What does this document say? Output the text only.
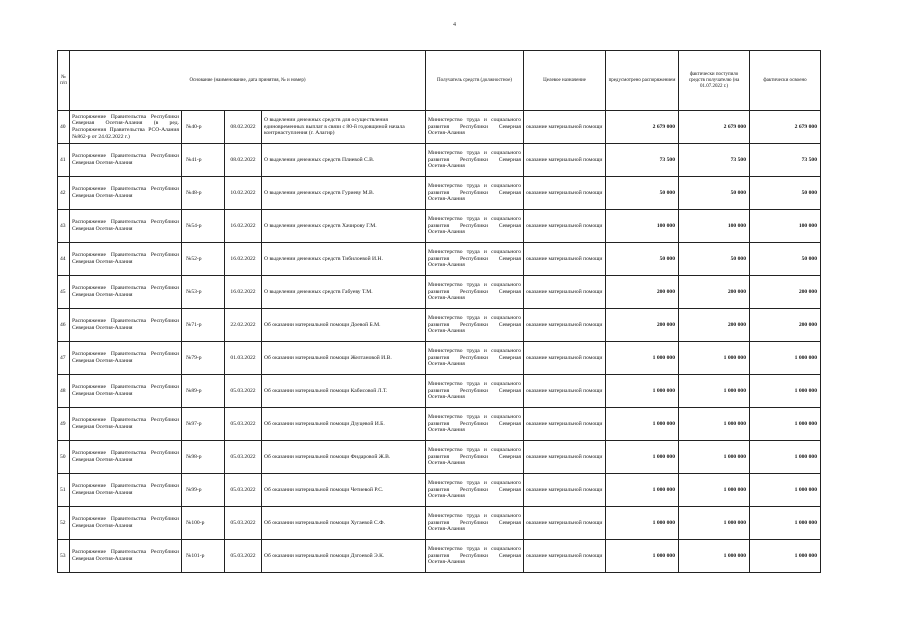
4
№ п/п	Основание (наименование, дата принятия, № и номер)				Получатель средств (должностное)	Целевое назначение	предусмотрено распоряжением	фактически поступило средств получателю (на 01.07.2022 г.)	фактически освоено
40	Распоряжение Правительства Республики Северная Осетия-Алания (в ред. Распоряжения Правительства РСО-Алания №862-р от 24.02.2022 г.)	№40-р	08.02.2022	О выделении денежных средств для осуществления единовременных выплат в связи с 80-й годовщиной начала контрнаступления (г. Алагир)	Министерство труда и социального развития Республики Северная Осетия-Алания	оказание материальной помощи	2 679 000	2 679 000	2 679 000
41	Распоряжение Правительства Республики Северная Осетия-Алания	№41-р	08.02.2022	О выделении денежных средств Плиевой С.В.	Министерство труда и социального развития Республики Северная Осетия-Алания	оказание материальной помощи	73 500	73 500	73 500
42	Распоряжение Правительства Республики Северная Осетия-Алания	№48-р	10.02.2022	О выделении денежных средств Гуриеву М.В.	Министерство труда и социального развития Республики Северная Осетия-Алания	оказание материальной помощи	50 000	50 000	50 000
43	Распоряжение Правительства Республики Северная Осетия-Алания	№54-р	16.02.2022	О выделении денежных средств Хачирову Г.М.	Министерство труда и социального развития Республики Северная Осетия-Алания	оказание материальной помощи	100 000	100 000	100 000
44	Распоряжение Правительства Республики Северная Осетия-Алания	№52-р	16.02.2022	О выделении денежных средств Тибилоевой И.Н.	Министерство труда и социального развития Республики Северная Осетия-Алания	оказание материальной помощи	50 000	50 000	50 000
45	Распоряжение Правительства Республики Северная Осетия-Алания	№53-р	16.02.2022	О выделении денежных средств Габуеву Т.М.	Министерство труда и социального развития Республики Северная Осетия-Алания	оказание материальной помощи	200 000	200 000	200 000
46	Распоряжение Правительства Республики Северная Осетия-Алания	№71-р	22.02.2022	Об оказании материальной помощи Доевой Б.М.	Министерство труда и социального развития Республики Северная Осетия-Алания	оказание материальной помощи	200 000	200 000	200 000
47	Распоряжение Правительства Республики Северная Осетия-Алания	№79-р	01.03.2022	Об оказании материальной помощи Желтановой И.В.	Министерство труда и социального развития Республики Северная Осетия-Алания	оказание материальной помощи	1 000 000	1 000 000	1 000 000
48	Распоряжение Правительства Республики Северная Осетия-Алания	№89-р	05.03.2022	Об оказании материальной помощи Кабисовой Л.Т.	Министерство труда и социального развития Республики Северная Осетия-Алания	оказание материальной помощи	1 000 000	1 000 000	1 000 000
49	Распоряжение Правительства Республики Северная Осетия-Алания	№97-р	05.03.2022	Об оказании материальной помощи Дзуцевой И.Б.	Министерство труда и социального развития Республики Северная Осетия-Алания	оказание материальной помощи	1 000 000	1 000 000	1 000 000
50	Распоряжение Правительства Республики Северная Осетия-Алания	№98-р	05.03.2022	Об оказании материальной помощи Фидаровой Ж.В.	Министерство труда и социального развития Республики Северная Осетия-Алания	оказание материальной помощи	1 000 000	1 000 000	1 000 000
51	Распоряжение Правительства Республики Северная Осетия-Алания	№99-р	05.03.2022	Об оказании материальной помощи Четиевой Р.С.	Министерство труда и социального развития Республики Северная Осетия-Алания	оказание материальной помощи	1 000 000	1 000 000	1 000 000
52	Распоряжение Правительства Республики Северная Осетия-Алания	№100-р	05.03.2022	Об оказании материальной помощи Хугаевой С.Ф.	Министерство труда и социального развития Республики Северная Осетия-Алания	оказание материальной помощи	1 000 000	1 000 000	1 000 000
53	Распоряжение Правительства Республики Северная Осетия-Алания	№101-р	05.03.2022	Об оказании материальной помощи Дзгоевой Э.К.	Министерство труда и социального развития Республики Северная Осетия-Алания	оказание материальной помощи	1 000 000	1 000 000	1 000 000
